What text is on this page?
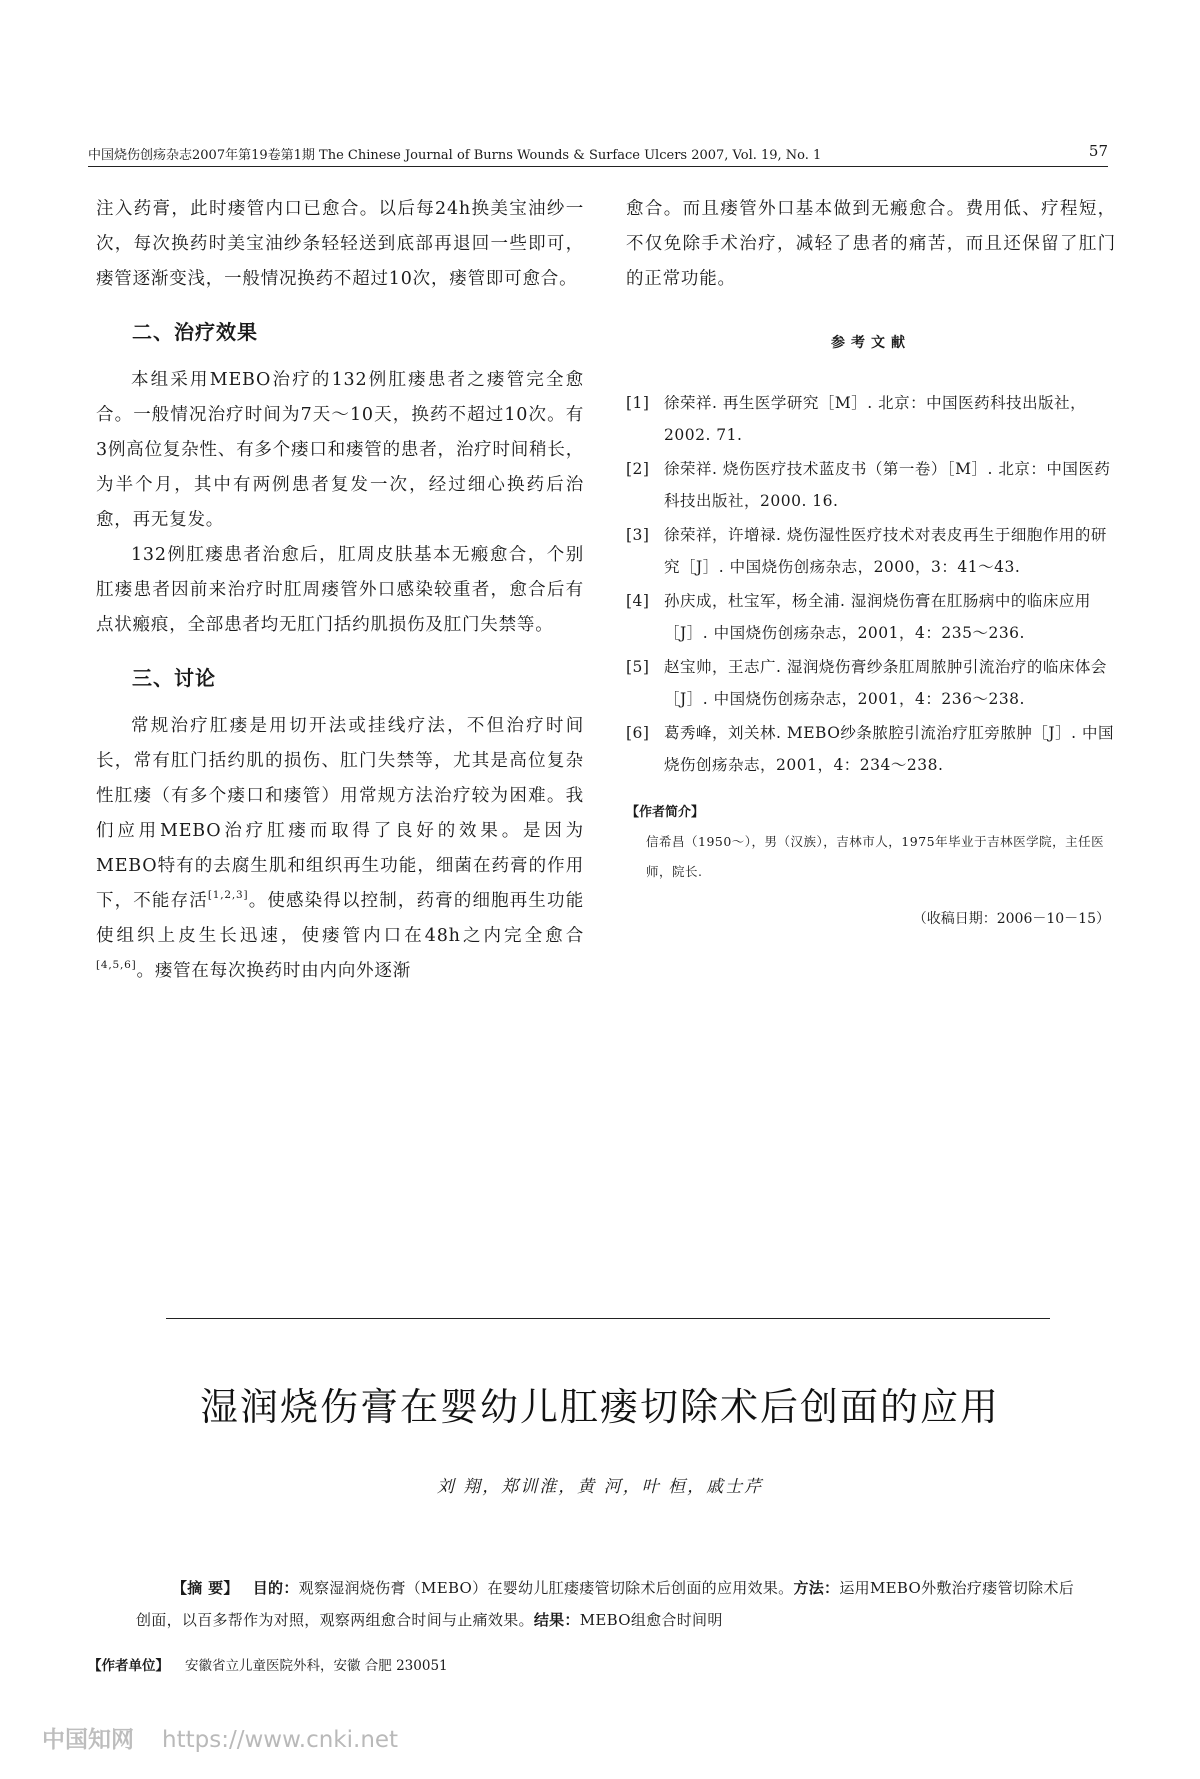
中国烧伤创疡杂志2007年第19卷第1期 The Chinese Journal of Burns Wounds & Surface Ulcers 2007, Vol. 19, No. 1	57

注入药膏，此时瘘管内口已愈合。以后每24h换美宝油纱一次，每次换药时美宝油纱条轻轻送到底部再退回一些即可，瘘管逐渐变浅，一般情况换药不超过10次，瘘管即可愈合。

二、治疗效果

本组采用MEBO治疗的132例肛瘘患者之瘘管完全愈合。一般情况治疗时间为7天～10天，换药不超过10次。有3例高位复杂性、有多个瘘口和瘘管的患者，治疗时间稍长，为半个月，其中有两例患者复发一次，经过细心换药后治愈，再无复发。

132例肛瘘患者治愈后，肛周皮肤基本无瘢愈合，个别肛瘘患者因前来治疗时肛周瘘管外口感染较重者，愈合后有点状瘢痕，全部患者均无肛门括约肌损伤及肛门失禁等。

三、讨论

常规治疗肛瘘是用切开法或挂线疗法，不但治疗时间长，常有肛门括约肌的损伤、肛门失禁等，尤其是高位复杂性肛瘘（有多个瘘口和瘘管）用常规方法治疗较为困难。我们应用MEBO治疗肛瘘而取得了良好的效果。是因为MEBO特有的去腐生肌和组织再生功能，细菌在药膏的作用下，不能存活[1,2,3]。使感染得以控制，药膏的细胞再生功能使组织上皮生长迅速，使瘘管内口在48h之内完全愈合[4,5,6]。瘘管在每次换药时由内向外逐渐

愈合。而且瘘管外口基本做到无瘢愈合。费用低、疗程短，不仅免除手术治疗，减轻了患者的痛苦，而且还保留了肛门的正常功能。

参考文献
[1] 徐荣祥. 再生医学研究［M］. 北京：中国医药科技出版社，2002. 71.
[2] 徐荣祥. 烧伤医疗技术蓝皮书（第一卷）［M］. 北京：中国医药科技出版社，2000. 16.
[3] 徐荣祥，许增禄. 烧伤湿性医疗技术对表皮再生于细胞作用的研究［J］. 中国烧伤创疡杂志，2000，3：41～43.
[4] 孙庆成，杜宝军，杨全浦. 湿润烧伤膏在肛肠病中的临床应用［J］. 中国烧伤创疡杂志，2001，4：235～236.
[5] 赵宝帅，王志广. 湿润烧伤膏纱条肛周脓肿引流治疗的临床体会［J］. 中国烧伤创疡杂志，2001，4：236～238.
[6] 葛秀峰，刘关林. MEBO纱条脓腔引流治疗肛旁脓肿［J］. 中国烧伤创疡杂志，2001，4：234～238.
【作者简介】
信希昌（1950～），男（汉族），吉林市人，1975年毕业于吉林医学院，主任医师，院长.
（收稿日期：2006－10－15）
湿润烧伤膏在婴幼儿肛瘘切除术后创面的应用
刘 翔，郑训淮，黄 河，叶 桓，戚士芹
【摘 要】 目的：观察湿润烧伤膏（MEBO）在婴幼儿肛瘘瘘管切除术后创面的应用效果。方法：运用MEBO外敷治疗瘘管切除术后创面，以百多帮作为对照，观察两组愈合时间与止痛效果。结果：MEBO组愈合时间明
【作者单位】 安徽省立儿童医院外科，安徽 合肥 230051
中国知网 https://www.cnki.net
